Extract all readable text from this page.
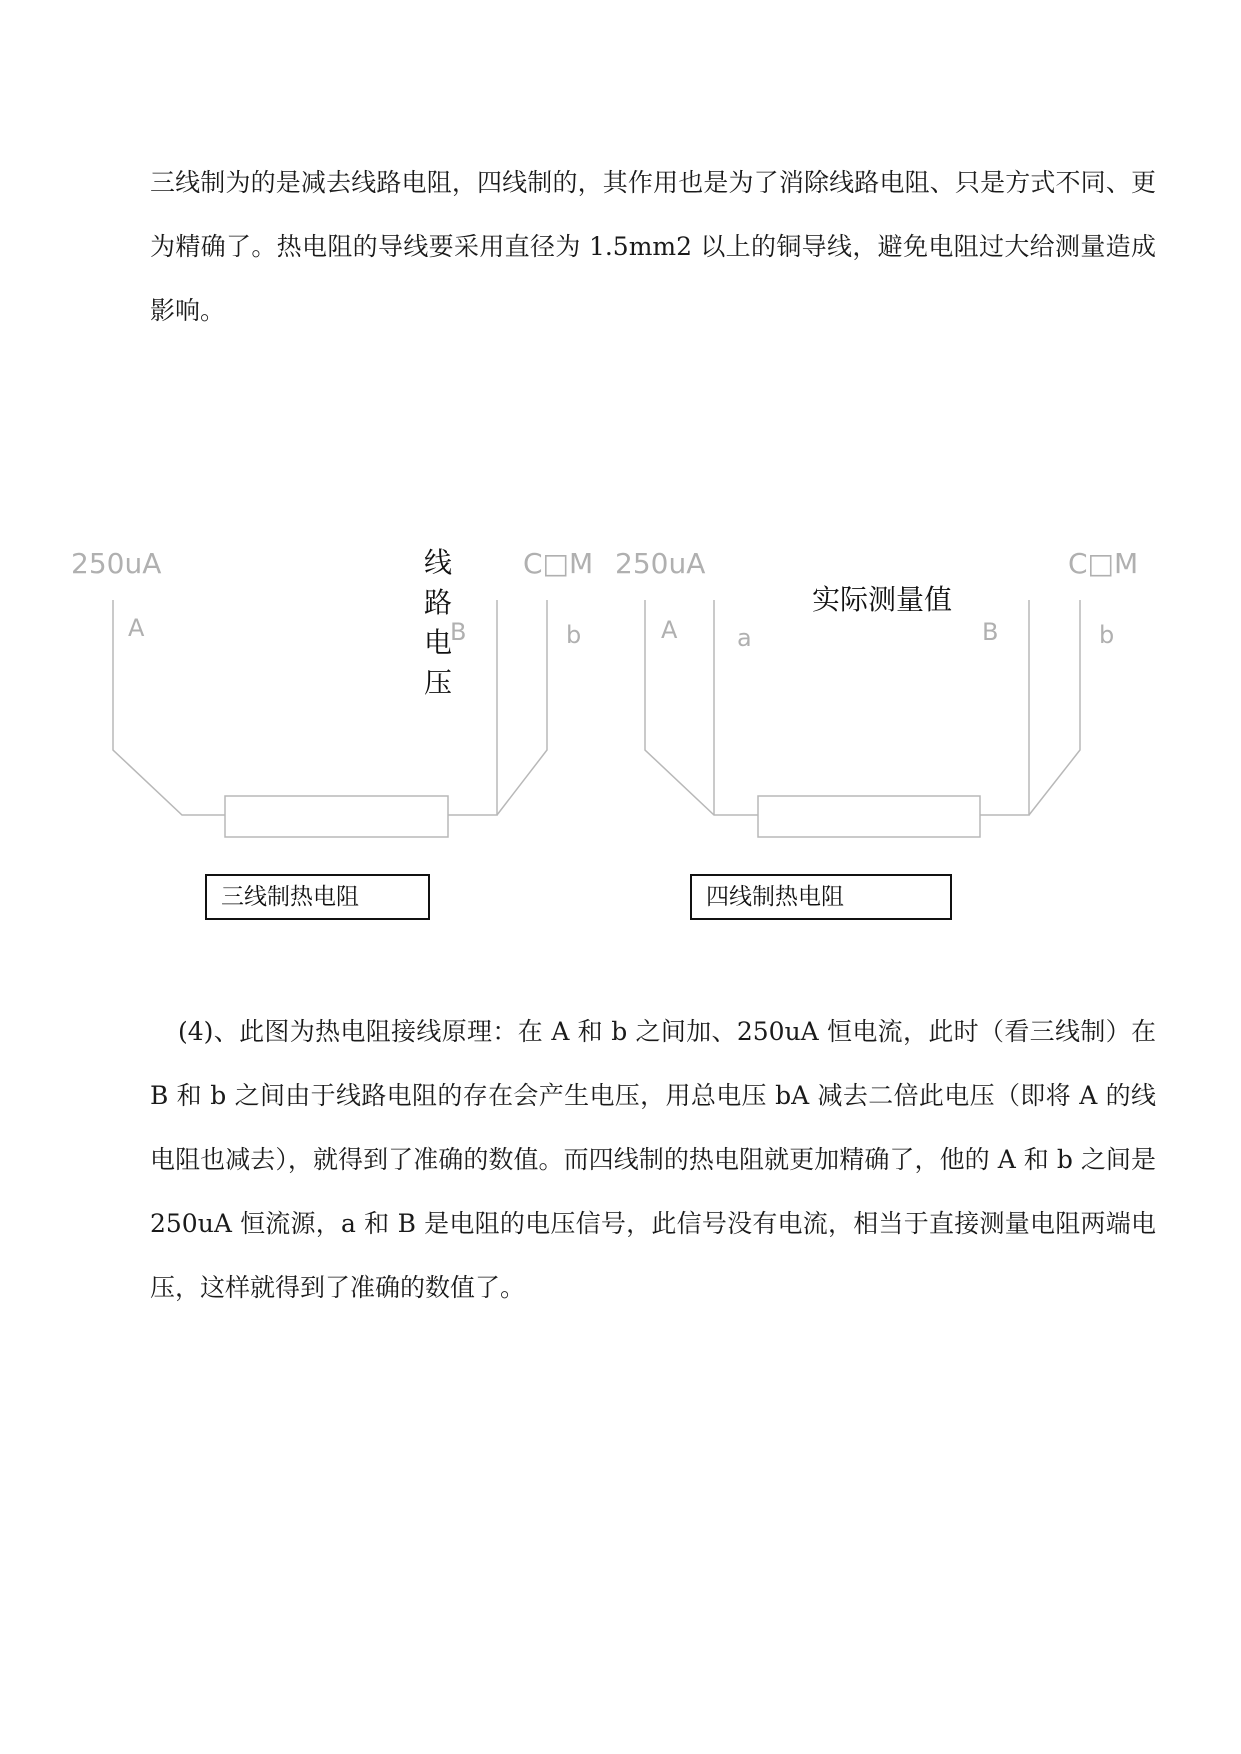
三线制为的是减去线路电阻，四线制的，其作用也是为了消除线路电阻、只是方式不同、更为精确了。热电阻的导线要采用直径为 1.5mm2 以上的铜导线，避免电阻过大给测量造成影响。

250uA	C□M
A	B	b
线
路
电
压
250uA	C□M
A a	B	b
实际测量值
三线制热电阻	四线制热电阻

(4)、此图为热电阻接线原理：在 A 和 b 之间加、250uA 恒电流，此时（看三线制）在 B 和 b 之间由于线路电阻的存在会产生电压，用总电压 bA 减去二倍此电压（即将 A 的线电阻也减去），就得到了准确的数值。而四线制的热电阻就更加精确了，他的 A 和 b 之间是 250uA 恒流源，a 和 B 是电阻的电压信号，此信号没有电流，相当于直接测量电阻两端电压，这样就得到了准确的数值了。
